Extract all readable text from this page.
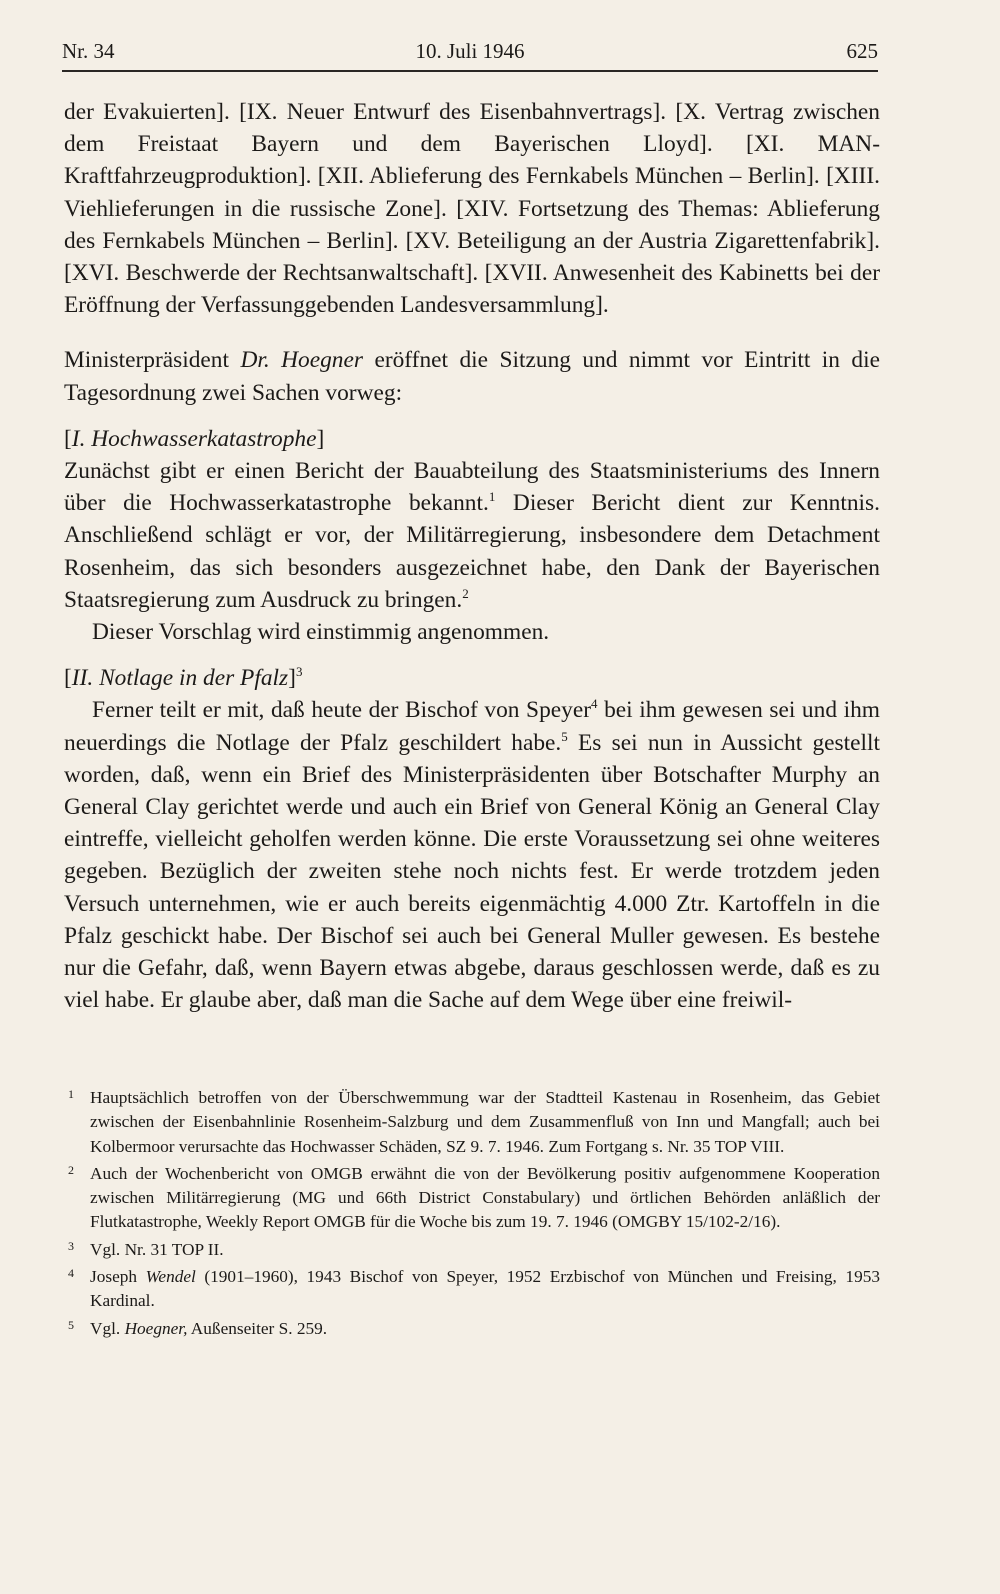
Nr. 34	10. Juli 1946	625

der Evakuierten]. [IX. Neuer Entwurf des Eisenbahnvertrags]. [X. Vertrag zwischen dem Freistaat Bayern und dem Bayerischen Lloyd]. [XI. MAN-Kraftfahrzeugproduktion]. [XII. Ablieferung des Fernkabels München – Berlin]. [XIII. Viehlieferungen in die russische Zone]. [XIV. Fortsetzung des Themas: Ablieferung des Fernkabels München – Berlin]. [XV. Beteiligung an der Austria Zigarettenfabrik]. [XVI. Beschwerde der Rechtsanwaltschaft]. [XVII. Anwesenheit des Kabinetts bei der Eröffnung der Verfassunggebenden Landesversammlung].

Ministerpräsident Dr. Hoegner eröffnet die Sitzung und nimmt vor Eintritt in die Tagesordnung zwei Sachen vorweg:

[I. Hochwasserkatastrophe]

Zunächst gibt er einen Bericht der Bauabteilung des Staatsministeriums des Innern über die Hochwasserkatastrophe bekannt.$^1$ Dieser Bericht dient zur Kenntnis. Anschließend schlägt er vor, der Militärregierung, insbesondere dem Detachment Rosenheim, das sich besonders ausgezeichnet habe, den Dank der Bayerischen Staatsregierung zum Ausdruck zu bringen.$^2$

Dieser Vorschlag wird einstimmig angenommen.

[II. Notlage in der Pfalz]$^3$

Ferner teilt er mit, daß heute der Bischof von Speyer$^4$ bei ihm gewesen sei und ihm neuerdings die Notlage der Pfalz geschildert habe.$^5$ Es sei nun in Aussicht gestellt worden, daß, wenn ein Brief des Ministerpräsidenten über Botschafter Murphy an General Clay gerichtet werde und auch ein Brief von General König an General Clay eintreffe, vielleicht geholfen werden könne. Die erste Voraussetzung sei ohne weiteres gegeben. Bezüglich der zweiten stehe noch nichts fest. Er werde trotzdem jeden Versuch unternehmen, wie er auch bereits eigenmächtig 4.000 Ztr. Kartoffeln in die Pfalz geschickt habe. Der Bischof sei auch bei General Muller gewesen. Es bestehe nur die Gefahr, daß, wenn Bayern etwas abgebe, daraus geschlossen werde, daß es zu viel habe. Er glaube aber, daß man die Sache auf dem Wege über eine freiwil-

1 Hauptsächlich betroffen von der Überschwemmung war der Stadtteil Kastenau in Rosenheim, das Gebiet zwischen der Eisenbahnlinie Rosenheim-Salzburg und dem Zusammenfluß von Inn und Mangfall; auch bei Kolbermoor verursachte das Hochwasser Schäden, SZ 9. 7. 1946. Zum Fortgang s. Nr. 35 TOP VIII.
2 Auch der Wochenbericht von OMGB erwähnt die von der Bevölkerung positiv aufgenommene Kooperation zwischen Militärregierung (MG und 66th District Constabulary) und örtlichen Behörden anläßlich der Flutkatastrophe, Weekly Report OMGB für die Woche bis zum 19. 7. 1946 (OMGBY 15/102-2/16).
3 Vgl. Nr. 31 TOP II.
4 Joseph Wendel (1901–1960), 1943 Bischof von Speyer, 1952 Erzbischof von München und Freising, 1953 Kardinal.
5 Vgl. Hoegner, Außenseiter S. 259.
